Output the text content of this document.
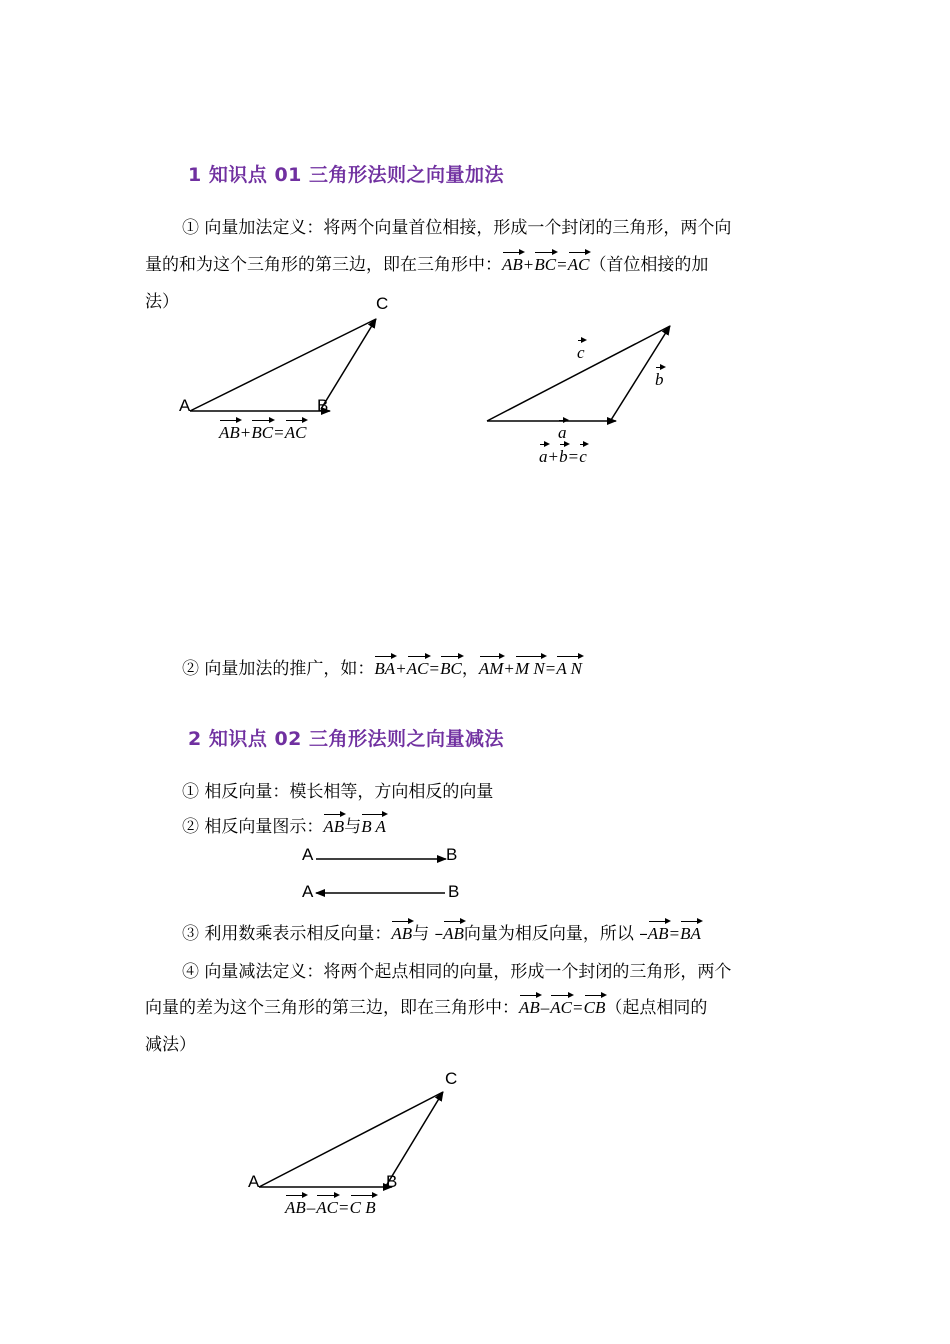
1 知识点 01 三角形法则之向量加法
① 向量加法定义：将两个向量首位相接，形成一个封闭的三角形，两个向
量的和为这个三角形的第三边，即在三角形中：AB+BC=AC（首位相接的加
法）
A	B
C
AB+BC=AC
c
b
a
a+b=c
② 向量加法的推广，如：BA+AC=BC，AM+M N=A N
2 知识点 02 三角形法则之向量减法
① 相反向量：模长相等，方向相反的向量
② 相反向量图示：AB与B A
A	B
A	B
③ 利用数乘表示相反向量：AB与 –AB向量为相反向量，所以 –AB=BA
④ 向量减法定义：将两个起点相同的向量，形成一个封闭的三角形，两个
向量的差为这个三角形的第三边，即在三角形中：AB–AC=CB（起点相同的
减法）
A	B
C
AB–AC=C B
